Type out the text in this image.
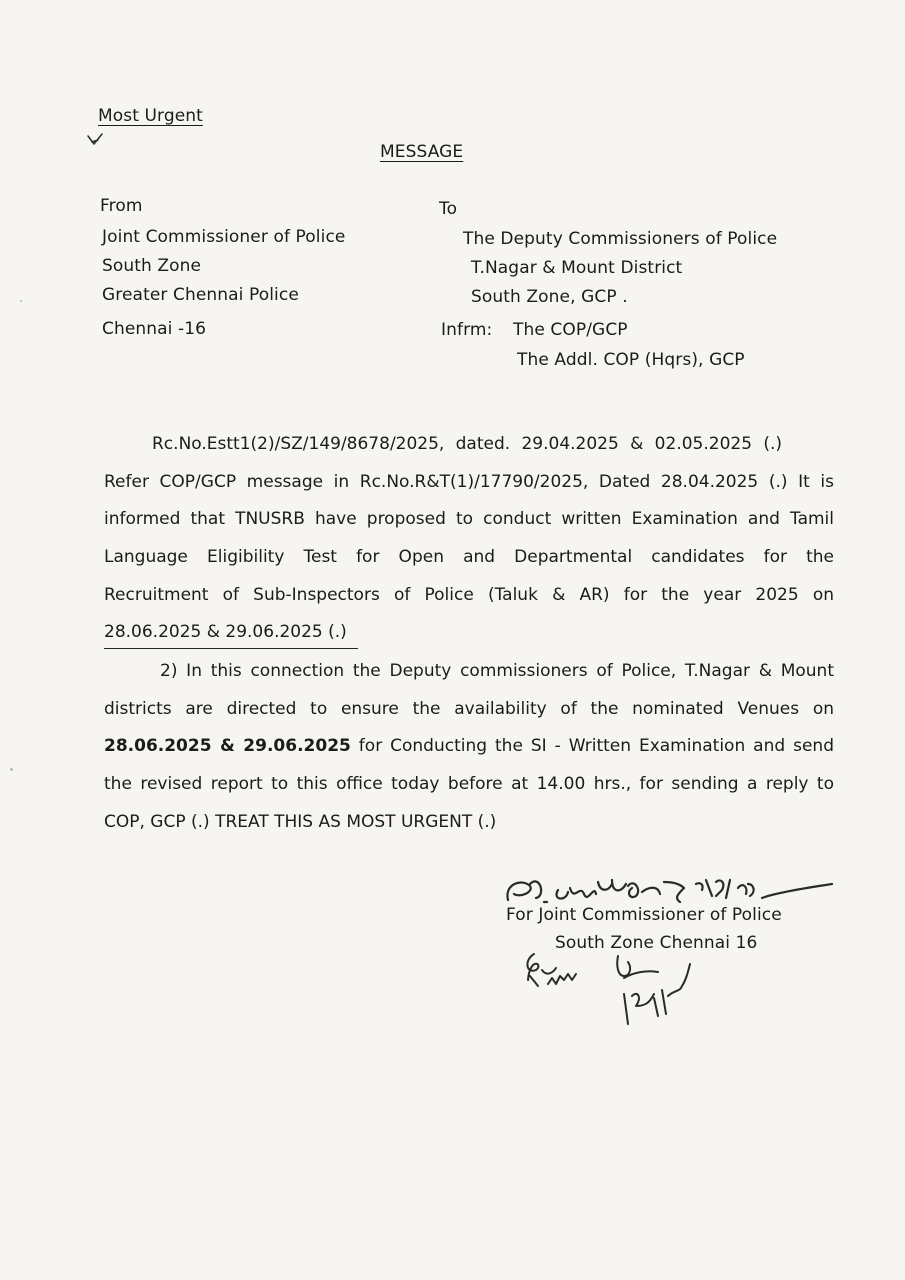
Most Urgent
MESSAGE
From
Joint Commissioner of Police
South Zone
Greater Chennai Police
Chennai -16
To
The Deputy Commissioners of Police
T.Nagar & Mount District
South Zone, GCP .
Infrm: The COP/GCP
The Addl. COP (Hqrs), GCP
Rc.No.Estt1(2)/SZ/149/8678/2025, dated. 29.04.2025 & 02.05.2025 (.)
Refer COP/GCP message in Rc.No.R&T(1)/17790/2025, Dated 28.04.2025 (.) It is
informed that TNUSRB have proposed to conduct written Examination and Tamil
Language Eligibility Test for Open and Departmental candidates for the
Recruitment of Sub-Inspectors of Police (Taluk & AR) for the year 2025 on
28.06.2025 & 29.06.2025 (.)
2) In this connection the Deputy commissioners of Police, T.Nagar & Mount
districts are directed to ensure the availability of the nominated Venues on
28.06.2025 & 29.06.2025 for Conducting the SI - Written Examination and send
the revised report to this office today before at 14.00 hrs., for sending a reply to
COP, GCP (.) TREAT THIS AS MOST URGENT (.)
For Joint Commissioner of Police
South Zone Chennai 16
